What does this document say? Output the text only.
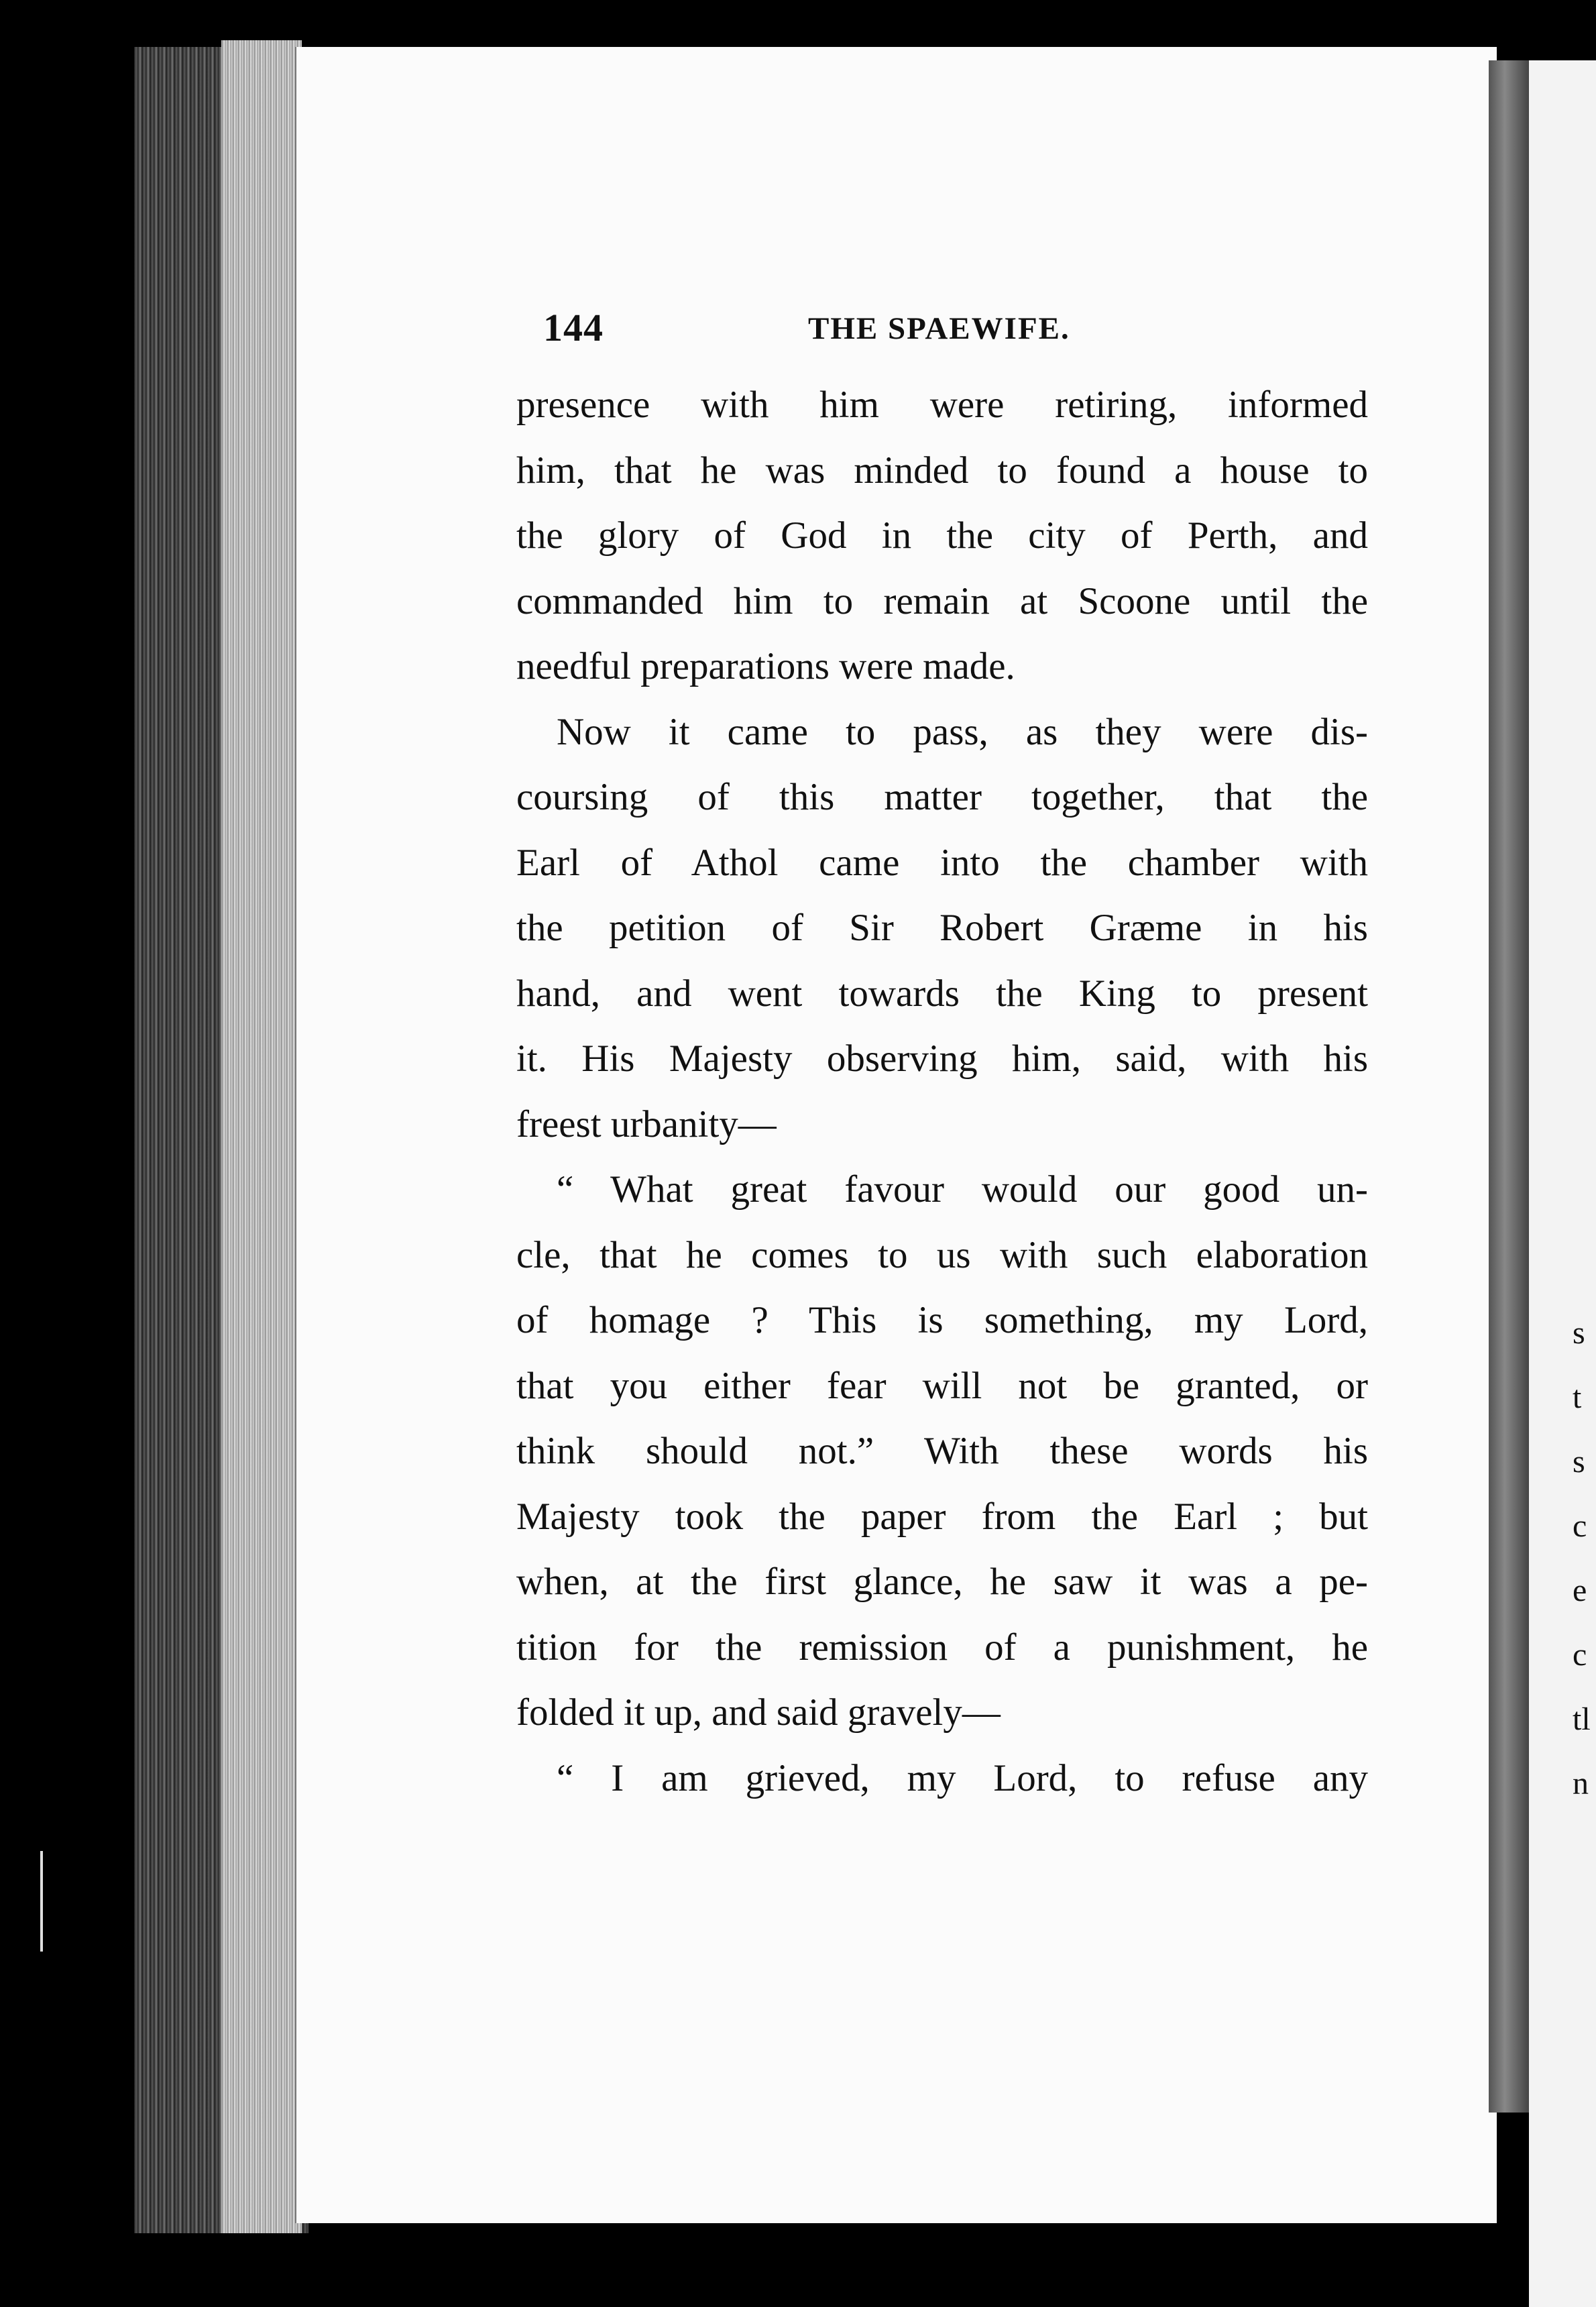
s
t
s
c
e
c
tl
n
144	THE SPAEWIFE.
presence with him were retiring, informed
him, that he was minded to found a house to
the glory of God in the city of Perth, and
commanded him to remain at Scoone until the
needful preparations were made.
Now it came to pass, as they were dis-
coursing of this matter together, that the
Earl of Athol came into the chamber with
the petition of Sir Robert Græme in his
hand, and went towards the King to present
it. His Majesty observing him, said, with his
freest urbanity—
“ What great favour would our good un-
cle, that he comes to us with such elaboration
of homage ? This is something, my Lord,
that you either fear will not be granted, or
think should not.” With these words his
Majesty took the paper from the Earl ; but
when, at the first glance, he saw it was a pe-
tition for the remission of a punishment, he
folded it up, and said gravely—
“ I am grieved, my Lord, to refuse any
